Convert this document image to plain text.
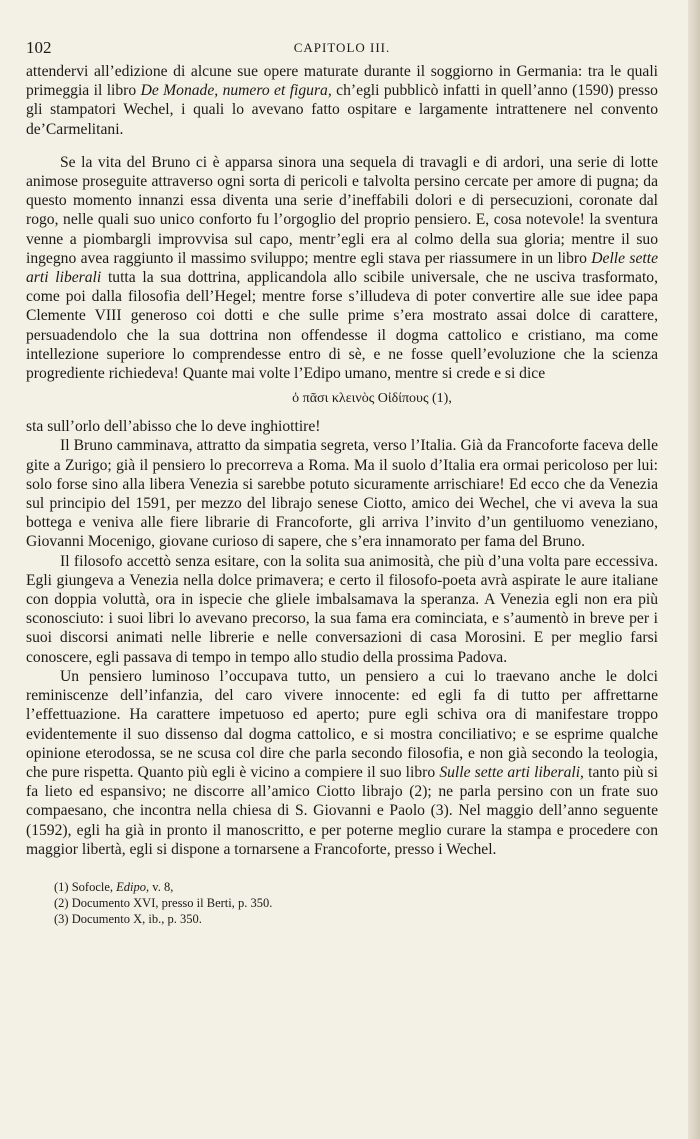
102	CAPITOLO III.

attendervi all’edizione di alcune sue opere maturate durante il soggiorno in Germania: tra le quali primeggia il libro De Monade, numero et figura, ch’egli pubblicò infatti in quell’anno (1590) presso gli stampatori Wechel, i quali lo avevano fatto ospitare e largamente intrattenere nel convento de’Carmelitani.

Se la vita del Bruno ci è apparsa sinora una sequela di travagli e di ardori, una serie di lotte animose proseguite attraverso ogni sorta di pericoli e talvolta persino cercate per amore di pugna; da questo momento innanzi essa diventa una serie d’ineffabili dolori e di persecuzioni, coronate dal rogo, nelle quali suo unico conforto fu l’orgoglio del proprio pensiero. E, cosa notevole! la sventura venne a piombargli improvvisa sul capo, mentr’egli era al colmo della sua gloria; mentre il suo ingegno avea raggiunto il massimo sviluppo; mentre egli stava per riassumere in un libro Delle sette arti liberali tutta la sua dottrina, applicandola allo scibile universale, che ne usciva trasformato, come poi dalla filosofia dell’Hegel; mentre forse s’illudeva di poter convertire alle sue idee papa Clemente VIII generoso coi dotti e che sulle prime s’era mostrato assai dolce di carattere, persuadendolo che la sua dottrina non offendesse il dogma cattolico e cristiano, ma come intellezione superiore lo comprendesse entro di sè, e ne fosse quell’evoluzione che la scienza progrediente richiedeva! Quante mai volte l’Edipo umano, mentre si crede e si dice

ὁ πᾶσι κλεινὸς Οἰδίπους (1),

sta sull’orlo dell’abisso che lo deve inghiottire!

Il Bruno camminava, attratto da simpatia segreta, verso l’Italia. Già da Francoforte faceva delle gite a Zurigo; già il pensiero lo precorreva a Roma. Ma il suolo d’Italia era ormai pericoloso per lui: solo forse sino alla libera Venezia si sarebbe potuto sicuramente arrischiare! Ed ecco che da Venezia sul principio del 1591, per mezzo del librajo senese Ciotto, amico dei Wechel, che vi aveva la sua bottega e veniva alle fiere librarie di Francoforte, gli arriva l’invito d’un gentiluomo veneziano, Giovanni Mocenigo, giovane curioso di sapere, che s’era innamorato per fama del Bruno.

Il filosofo accettò senza esitare, con la solita sua animosità, che più d’una volta pare eccessiva. Egli giungeva a Venezia nella dolce primavera; e certo il filosofo-poeta avrà aspirate le aure italiane con doppia voluttà, ora in ispecie che gliele imbalsamava la speranza. A Venezia egli non era più sconosciuto: i suoi libri lo avevano precorso, la sua fama era cominciata, e s’aumentò in breve per i suoi discorsi animati nelle librerie e nelle conversazioni di casa Morosini. E per meglio farsi conoscere, egli passava di tempo in tempo allo studio della prossima Padova.

Un pensiero luminoso l’occupava tutto, un pensiero a cui lo traevano anche le dolci reminiscenze dell’infanzia, del caro vivere innocente: ed egli fa di tutto per affrettarne l’effettuazione. Ha carattere impetuoso ed aperto; pure egli schiva ora di manifestare troppo evidentemente il suo dissenso dal dogma cattolico, e si mostra conciliativo; e se esprime qualche opinione eterodossa, se ne scusa col dire che parla secondo filosofia, e non già secondo la teologia, che pure rispetta. Quanto più egli è vicino a compiere il suo libro Sulle sette arti liberali, tanto più si fa lieto ed espansivo; ne discorre all’amico Ciotto librajo (2); ne parla persino con un frate suo compaesano, che incontra nella chiesa di S. Giovanni e Paolo (3). Nel maggio dell’anno seguente (1592), egli ha già in pronto il manoscritto, e per poterne meglio curare la stampa e procedere con maggior libertà, egli si dispone a tornarsene a Francoforte, presso i Wechel.

(1) Sofocle, Edipo, v. 8,
(2) Documento XVI, presso il Berti, p. 350.
(3) Documento X, ib., p. 350.
